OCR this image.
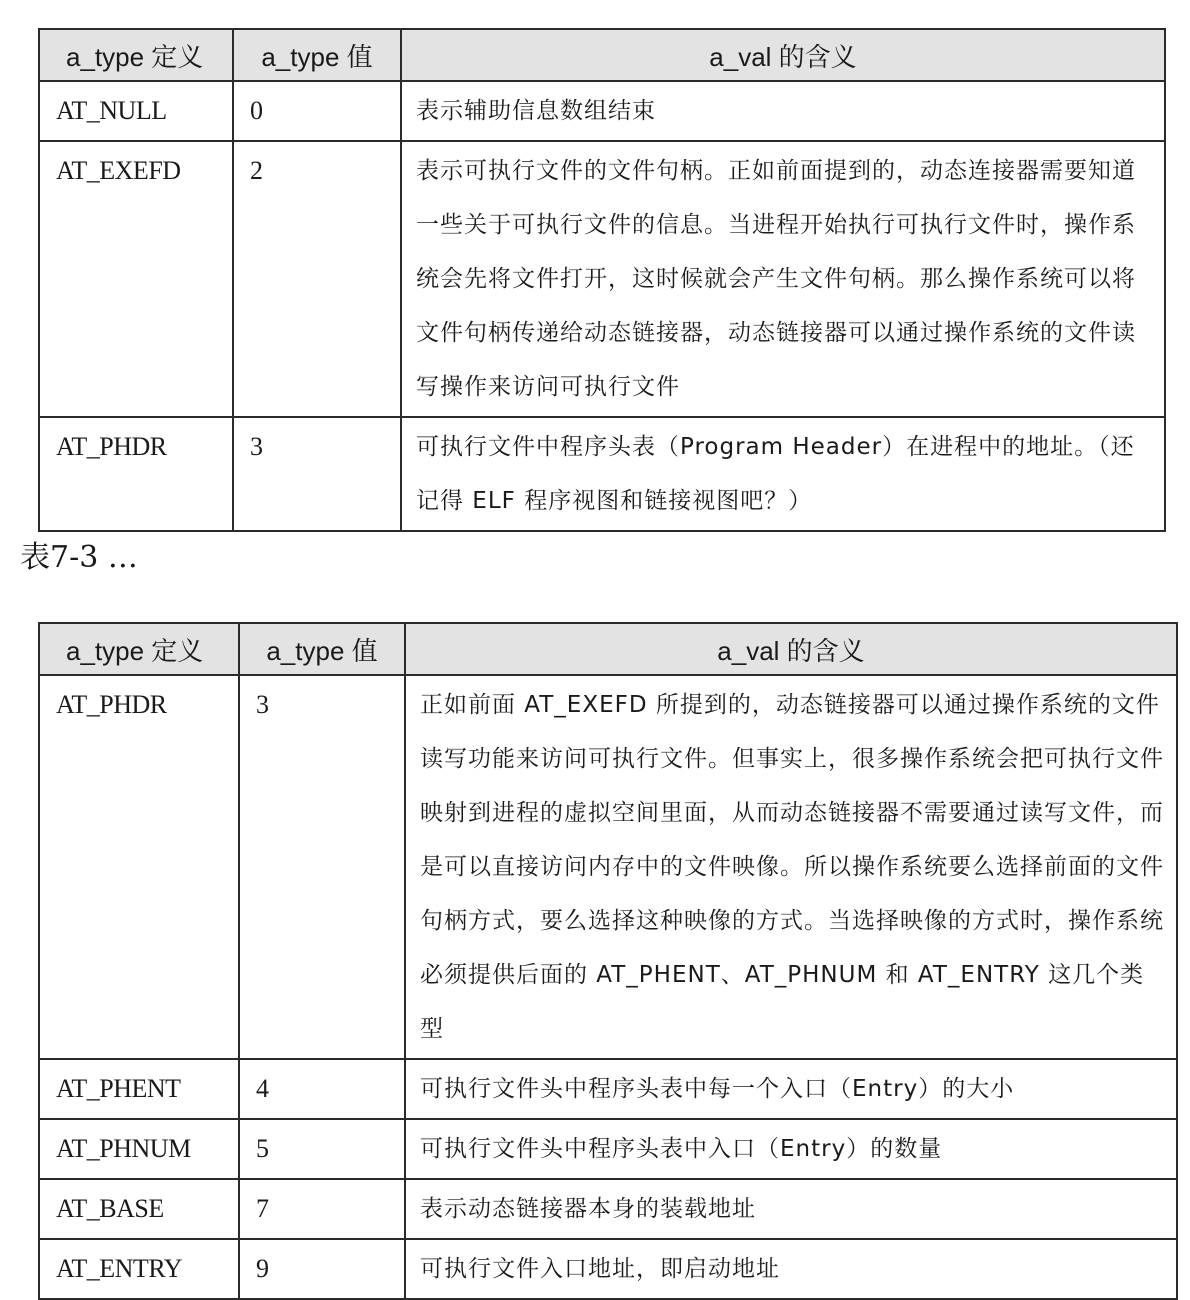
a_type 定义	a_type 值	a_val 的含义
AT_NULL	0	表示辅助信息数组结束
AT_EXEFD	2	表示可执行文件的文件句柄。正如前面提到的，动态连接器需要知道一些关于可执行文件的信息。当进程开始执行可执行文件时，操作系统会先将文件打开，这时候就会产生文件句柄。那么操作系统可以将文件句柄传递给动态链接器，动态链接器可以通过操作系统的文件读写操作来访问可执行文件
AT_PHDR	3	可执行文件中程序头表（Program Header）在进程中的地址。（还记得 ELF 程序视图和链接视图吧？）
表7-3 …
a_type 定义	a_type 值	a_val 的含义
AT_PHDR	3	正如前面 AT_EXEFD 所提到的，动态链接器可以通过操作系统的文件读写功能来访问可执行文件。但事实上，很多操作系统会把可执行文件映射到进程的虚拟空间里面，从而动态链接器不需要通过读写文件，而是可以直接访问内存中的文件映像。所以操作系统要么选择前面的文件句柄方式，要么选择这种映像的方式。当选择映像的方式时，操作系统必须提供后面的 AT_PHENT、AT_PHNUM 和 AT_ENTRY 这几个类型
AT_PHENT	4	可执行文件头中程序头表中每一个入口（Entry）的大小
AT_PHNUM	5	可执行文件头中程序头表中入口（Entry）的数量
AT_BASE	7	表示动态链接器本身的装载地址
AT_ENTRY	9	可执行文件入口地址，即启动地址
